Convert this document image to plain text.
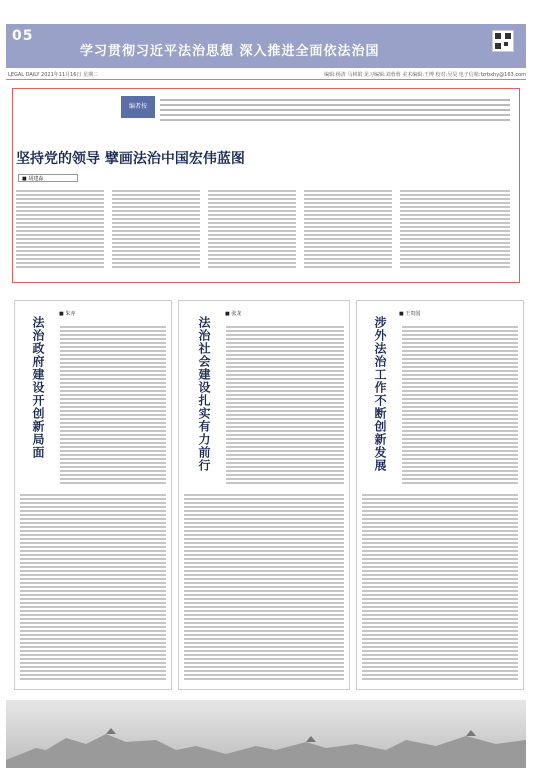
05
学习贯彻习近平法治思想 深入推进全面依法治国
LEGAL DAILY 2021年11月16日 星期二	编辑:杨清 马树娟 见习编辑:刘蓉蓉 美术编辑:王博 校对:吴昊 电子信箱:fzrbxhy@163.com
编者按
坚持党的领导 擘画法治中国宏伟蓝图
■ 胡建淼
■ 朱亦	■ 张龙	■ 王贵国
法治政府建设开创新局面	法治社会建设扎实有力前行	涉外法治工作不断创新发展
